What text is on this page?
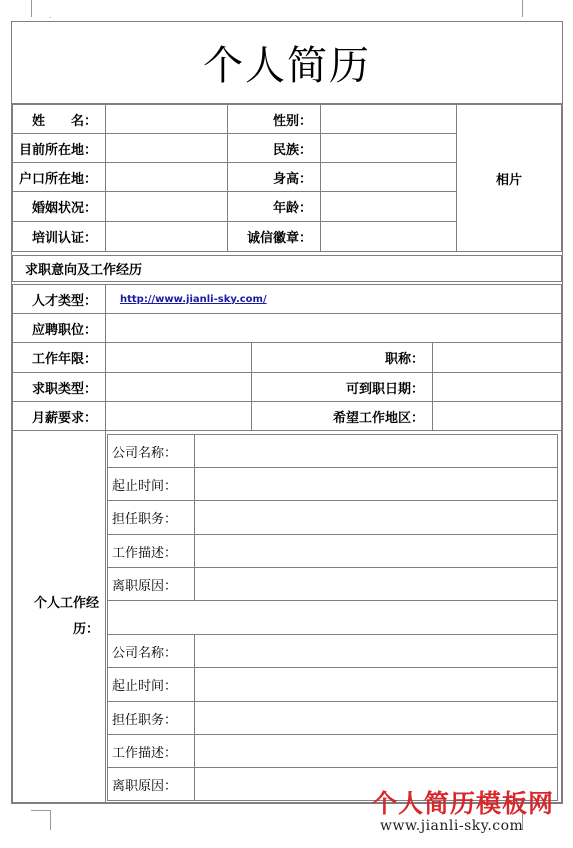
个人简历
姓　　名：	性别：
目前所在地：	民族：
户口所在地：	身高：
婚姻状况：	年龄：
培训认证：	诚信徽章：
相片
求职意向及工作经历
人才类型：	http://www.jianli-sky.com/
应聘职位：
工作年限：	职称：
求职类型：	可到职日期：
月薪要求：	希望工作地区：
个人工作经历：
公司名称：
起止时间：
担任职务：
工作描述：
离职原因：
公司名称：
起止时间：
担任职务：
工作描述：
离职原因：
个人简历模板网
www.jianli-sky.com
